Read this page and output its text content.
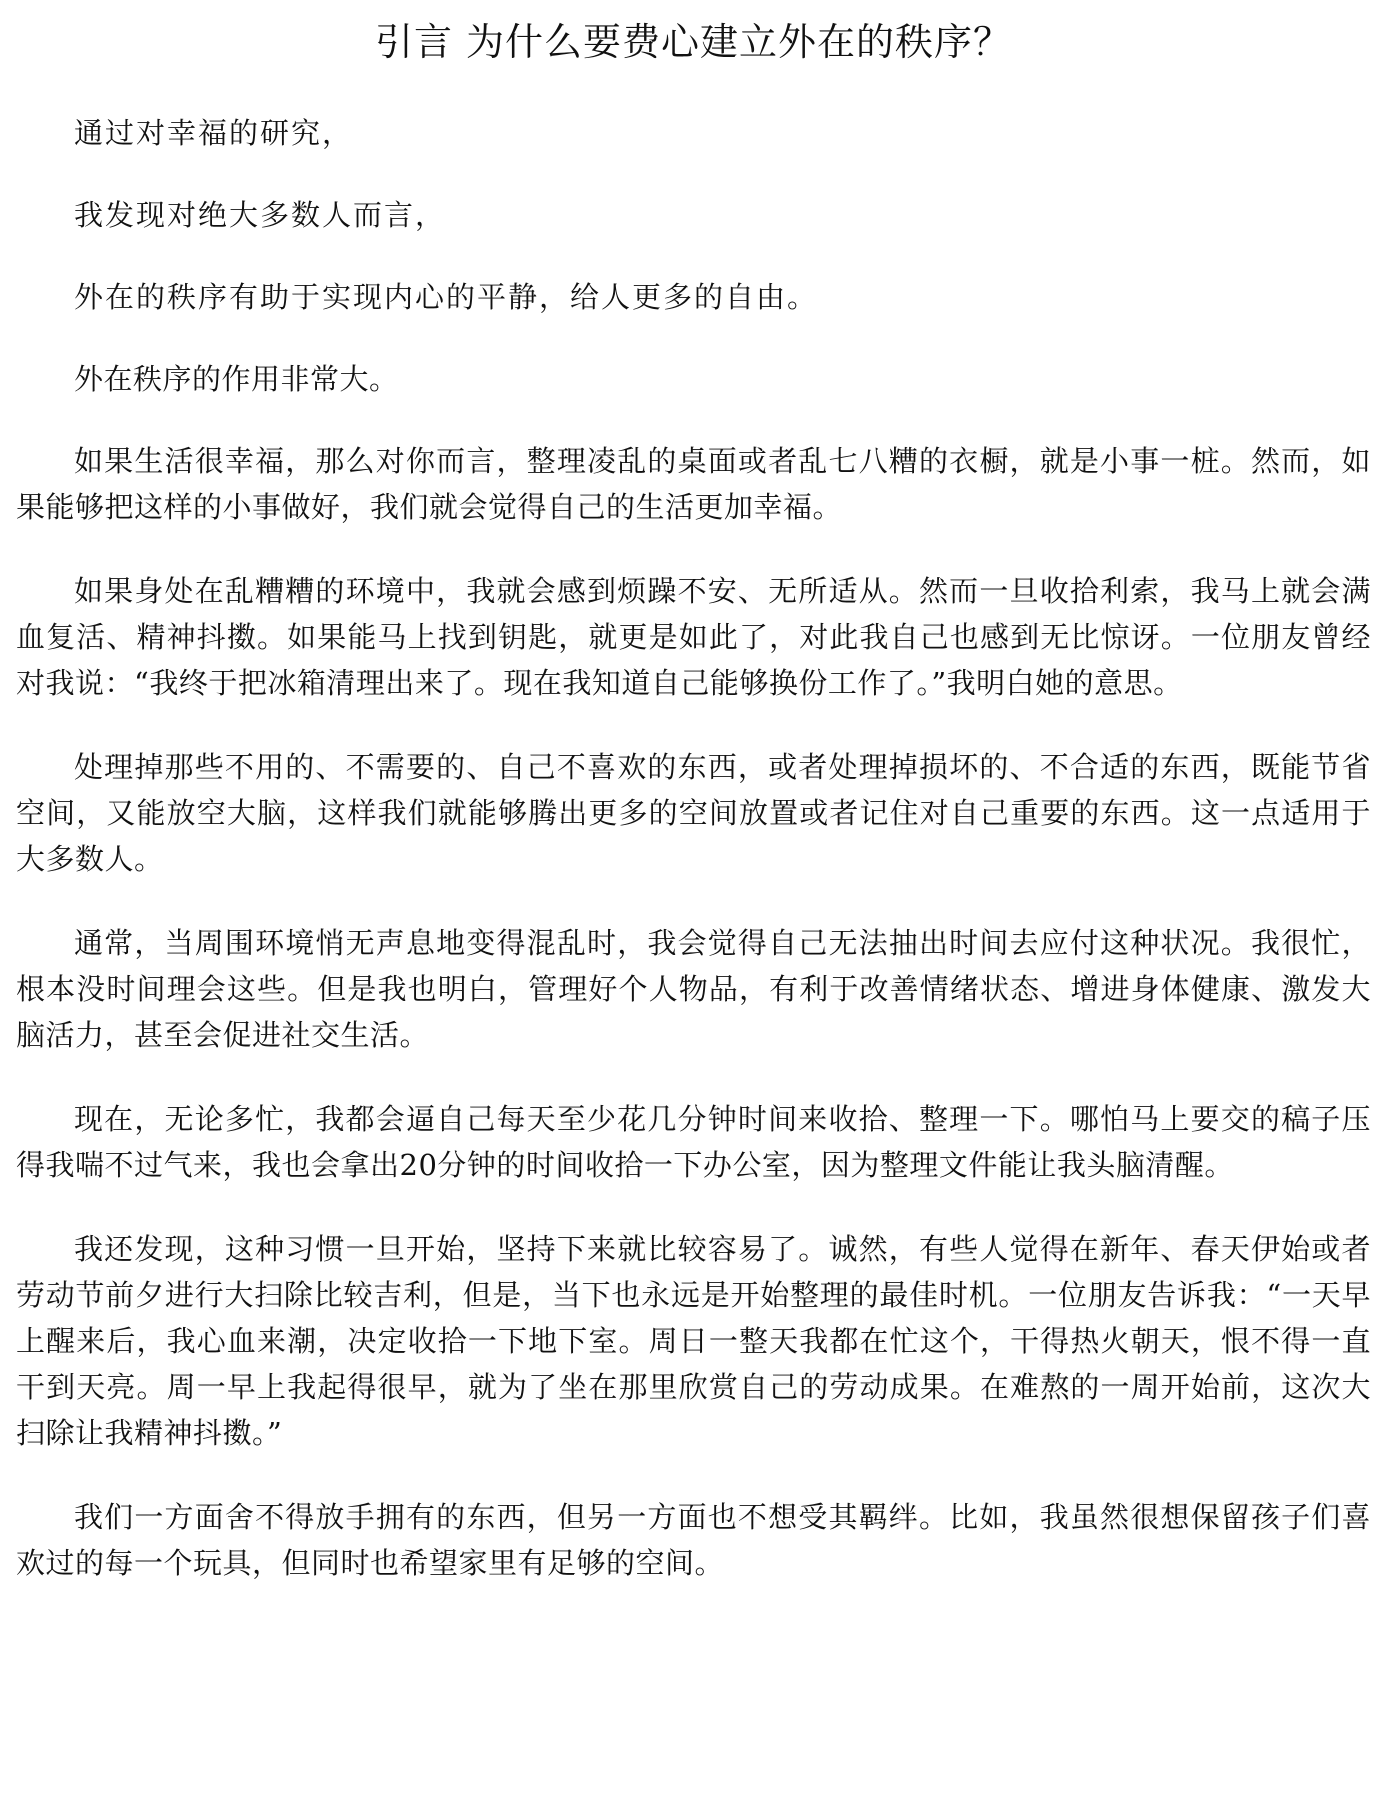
引言 为什么要费心建立外在的秩序？

通过对幸福的研究，

我发现对绝大多数人而言，

外在的秩序有助于实现内心的平静，给人更多的自由。

外在秩序的作用非常大。

如果生活很幸福，那么对你而言，整理凌乱的桌面或者乱七八糟的衣橱，就是小事一桩。然而，如果能够把这样的小事做好，我们就会觉得自己的生活更加幸福。

如果身处在乱糟糟的环境中，我就会感到烦躁不安、无所适从。然而一旦收拾利索，我马上就会满血复活、精神抖擞。如果能马上找到钥匙，就更是如此了，对此我自己也感到无比惊讶。一位朋友曾经对我说：“我终于把冰箱清理出来了。现在我知道自己能够换份工作了。”我明白她的意思。

处理掉那些不用的、不需要的、自己不喜欢的东西，或者处理掉损坏的、不合适的东西，既能节省空间，又能放空大脑，这样我们就能够腾出更多的空间放置或者记住对自己重要的东西。这一点适用于大多数人。

通常，当周围环境悄无声息地变得混乱时，我会觉得自己无法抽出时间去应付这种状况。我很忙，根本没时间理会这些。但是我也明白，管理好个人物品，有利于改善情绪状态、增进身体健康、激发大脑活力，甚至会促进社交生活。

现在，无论多忙，我都会逼自己每天至少花几分钟时间来收拾、整理一下。哪怕马上要交的稿子压得我喘不过气来，我也会拿出20分钟的时间收拾一下办公室，因为整理文件能让我头脑清醒。

我还发现，这种习惯一旦开始，坚持下来就比较容易了。诚然，有些人觉得在新年、春天伊始或者劳动节前夕进行大扫除比较吉利，但是，当下也永远是开始整理的最佳时机。一位朋友告诉我：“一天早上醒来后，我心血来潮，决定收拾一下地下室。周日一整天我都在忙这个，干得热火朝天，恨不得一直干到天亮。周一早上我起得很早，就为了坐在那里欣赏自己的劳动成果。在难熬的一周开始前，这次大扫除让我精神抖擞。”

我们一方面舍不得放手拥有的东西，但另一方面也不想受其羁绊。比如，我虽然很想保留孩子们喜欢过的每一个玩具，但同时也希望家里有足够的空间。
